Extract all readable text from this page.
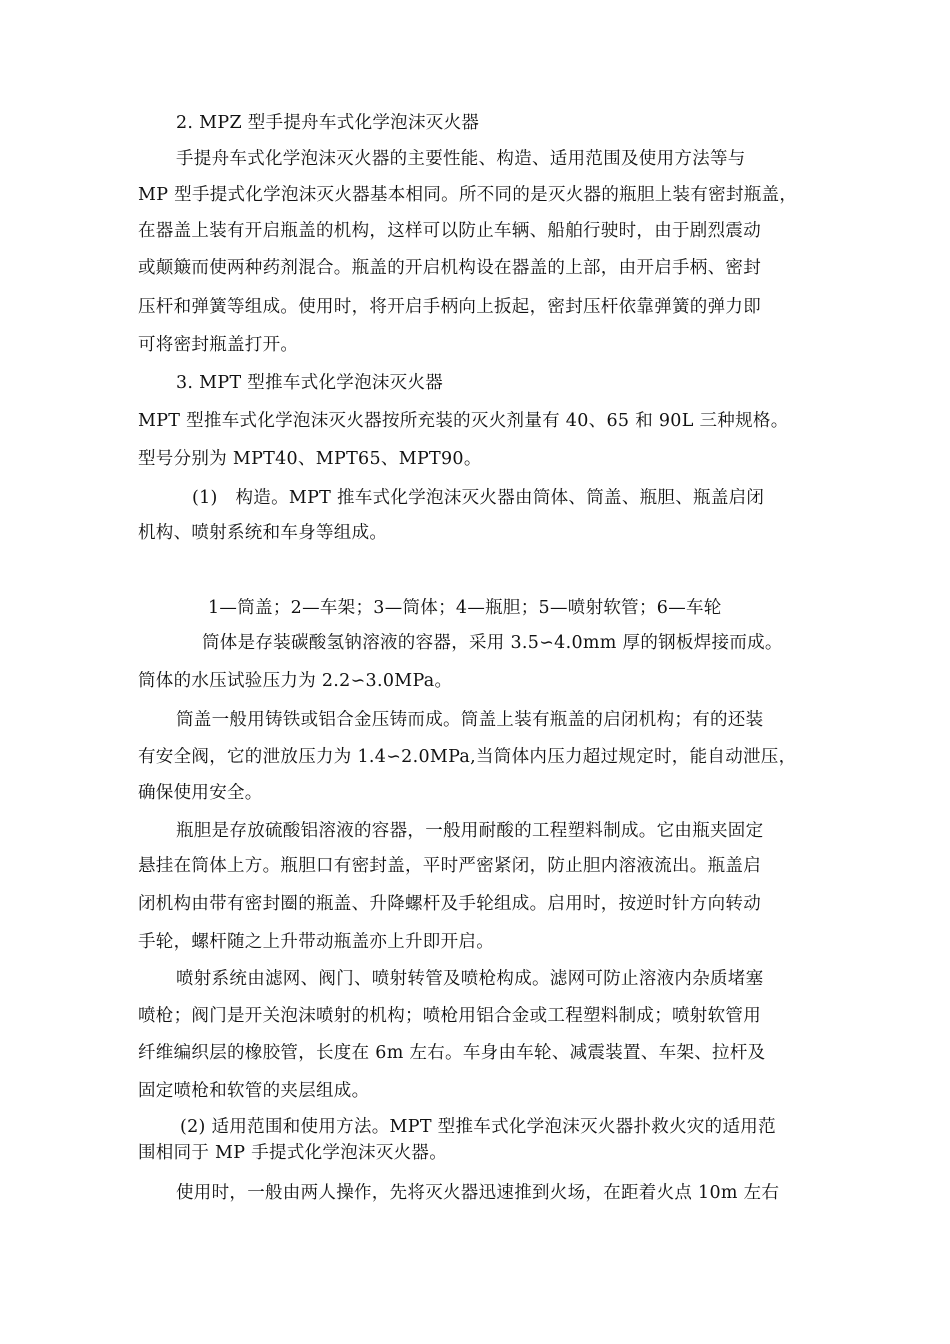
2. MPZ 型手提舟车式化学泡沫灭火器
手提舟车式化学泡沫灭火器的主要性能、构造、适用范围及使用方法等与
MP 型手提式化学泡沫灭火器基本相同。所不同的是灭火器的瓶胆上装有密封瓶盖，
在器盖上装有开启瓶盖的机构，这样可以防止车辆、船舶行驶时，由于剧烈震动
或颠簸而使两种药剂混合。瓶盖的开启机构设在器盖的上部，由开启手柄、密封
压杆和弹簧等组成。使用时，将开启手柄向上扳起，密封压杆依靠弹簧的弹力即
可将密封瓶盖打开。
3. MPT 型推车式化学泡沫灭火器
MPT 型推车式化学泡沫灭火器按所充装的灭火剂量有 40、65 和 90L 三种规格。
型号分别为 MPT40、MPT65、MPT90。
(1)　构造。MPT 推车式化学泡沫灭火器由筒体、筒盖、瓶胆、瓶盖启闭
机构、喷射系统和车身等组成。
1—筒盖；2—车架；3—筒体；4—瓶胆；5—喷射软管；6—车轮
筒体是存装碳酸氢钠溶液的容器，采用 3.5∽4.0mm 厚的钢板焊接而成。
筒体的水压试验压力为 2.2∽3.0MPa。
筒盖一般用铸铁或铝合金压铸而成。筒盖上装有瓶盖的启闭机构；有的还装
有安全阀，它的泄放压力为 1.4∽2.0MPa,当筒体内压力超过规定时，能自动泄压，
确保使用安全。
瓶胆是存放硫酸铝溶液的容器，一般用耐酸的工程塑料制成。它由瓶夹固定
悬挂在筒体上方。瓶胆口有密封盖，平时严密紧闭，防止胆内溶液流出。瓶盖启
闭机构由带有密封圈的瓶盖、升降螺杆及手轮组成。启用时，按逆时针方向转动
手轮，螺杆随之上升带动瓶盖亦上升即开启。
喷射系统由滤网、阀门、喷射转管及喷枪构成。滤网可防止溶液内杂质堵塞
喷枪；阀门是开关泡沫喷射的机构；喷枪用铝合金或工程塑料制成；喷射软管用
纤维编织层的橡胶管，长度在 6m 左右。车身由车轮、减震装置、车架、拉杆及
固定喷枪和软管的夹层组成。
(2) 适用范围和使用方法。MPT 型推车式化学泡沫灭火器扑救火灾的适用范
围相同于 MP 手提式化学泡沫灭火器。
使用时，一般由两人操作，先将灭火器迅速推到火场，在距着火点 10m 左右
